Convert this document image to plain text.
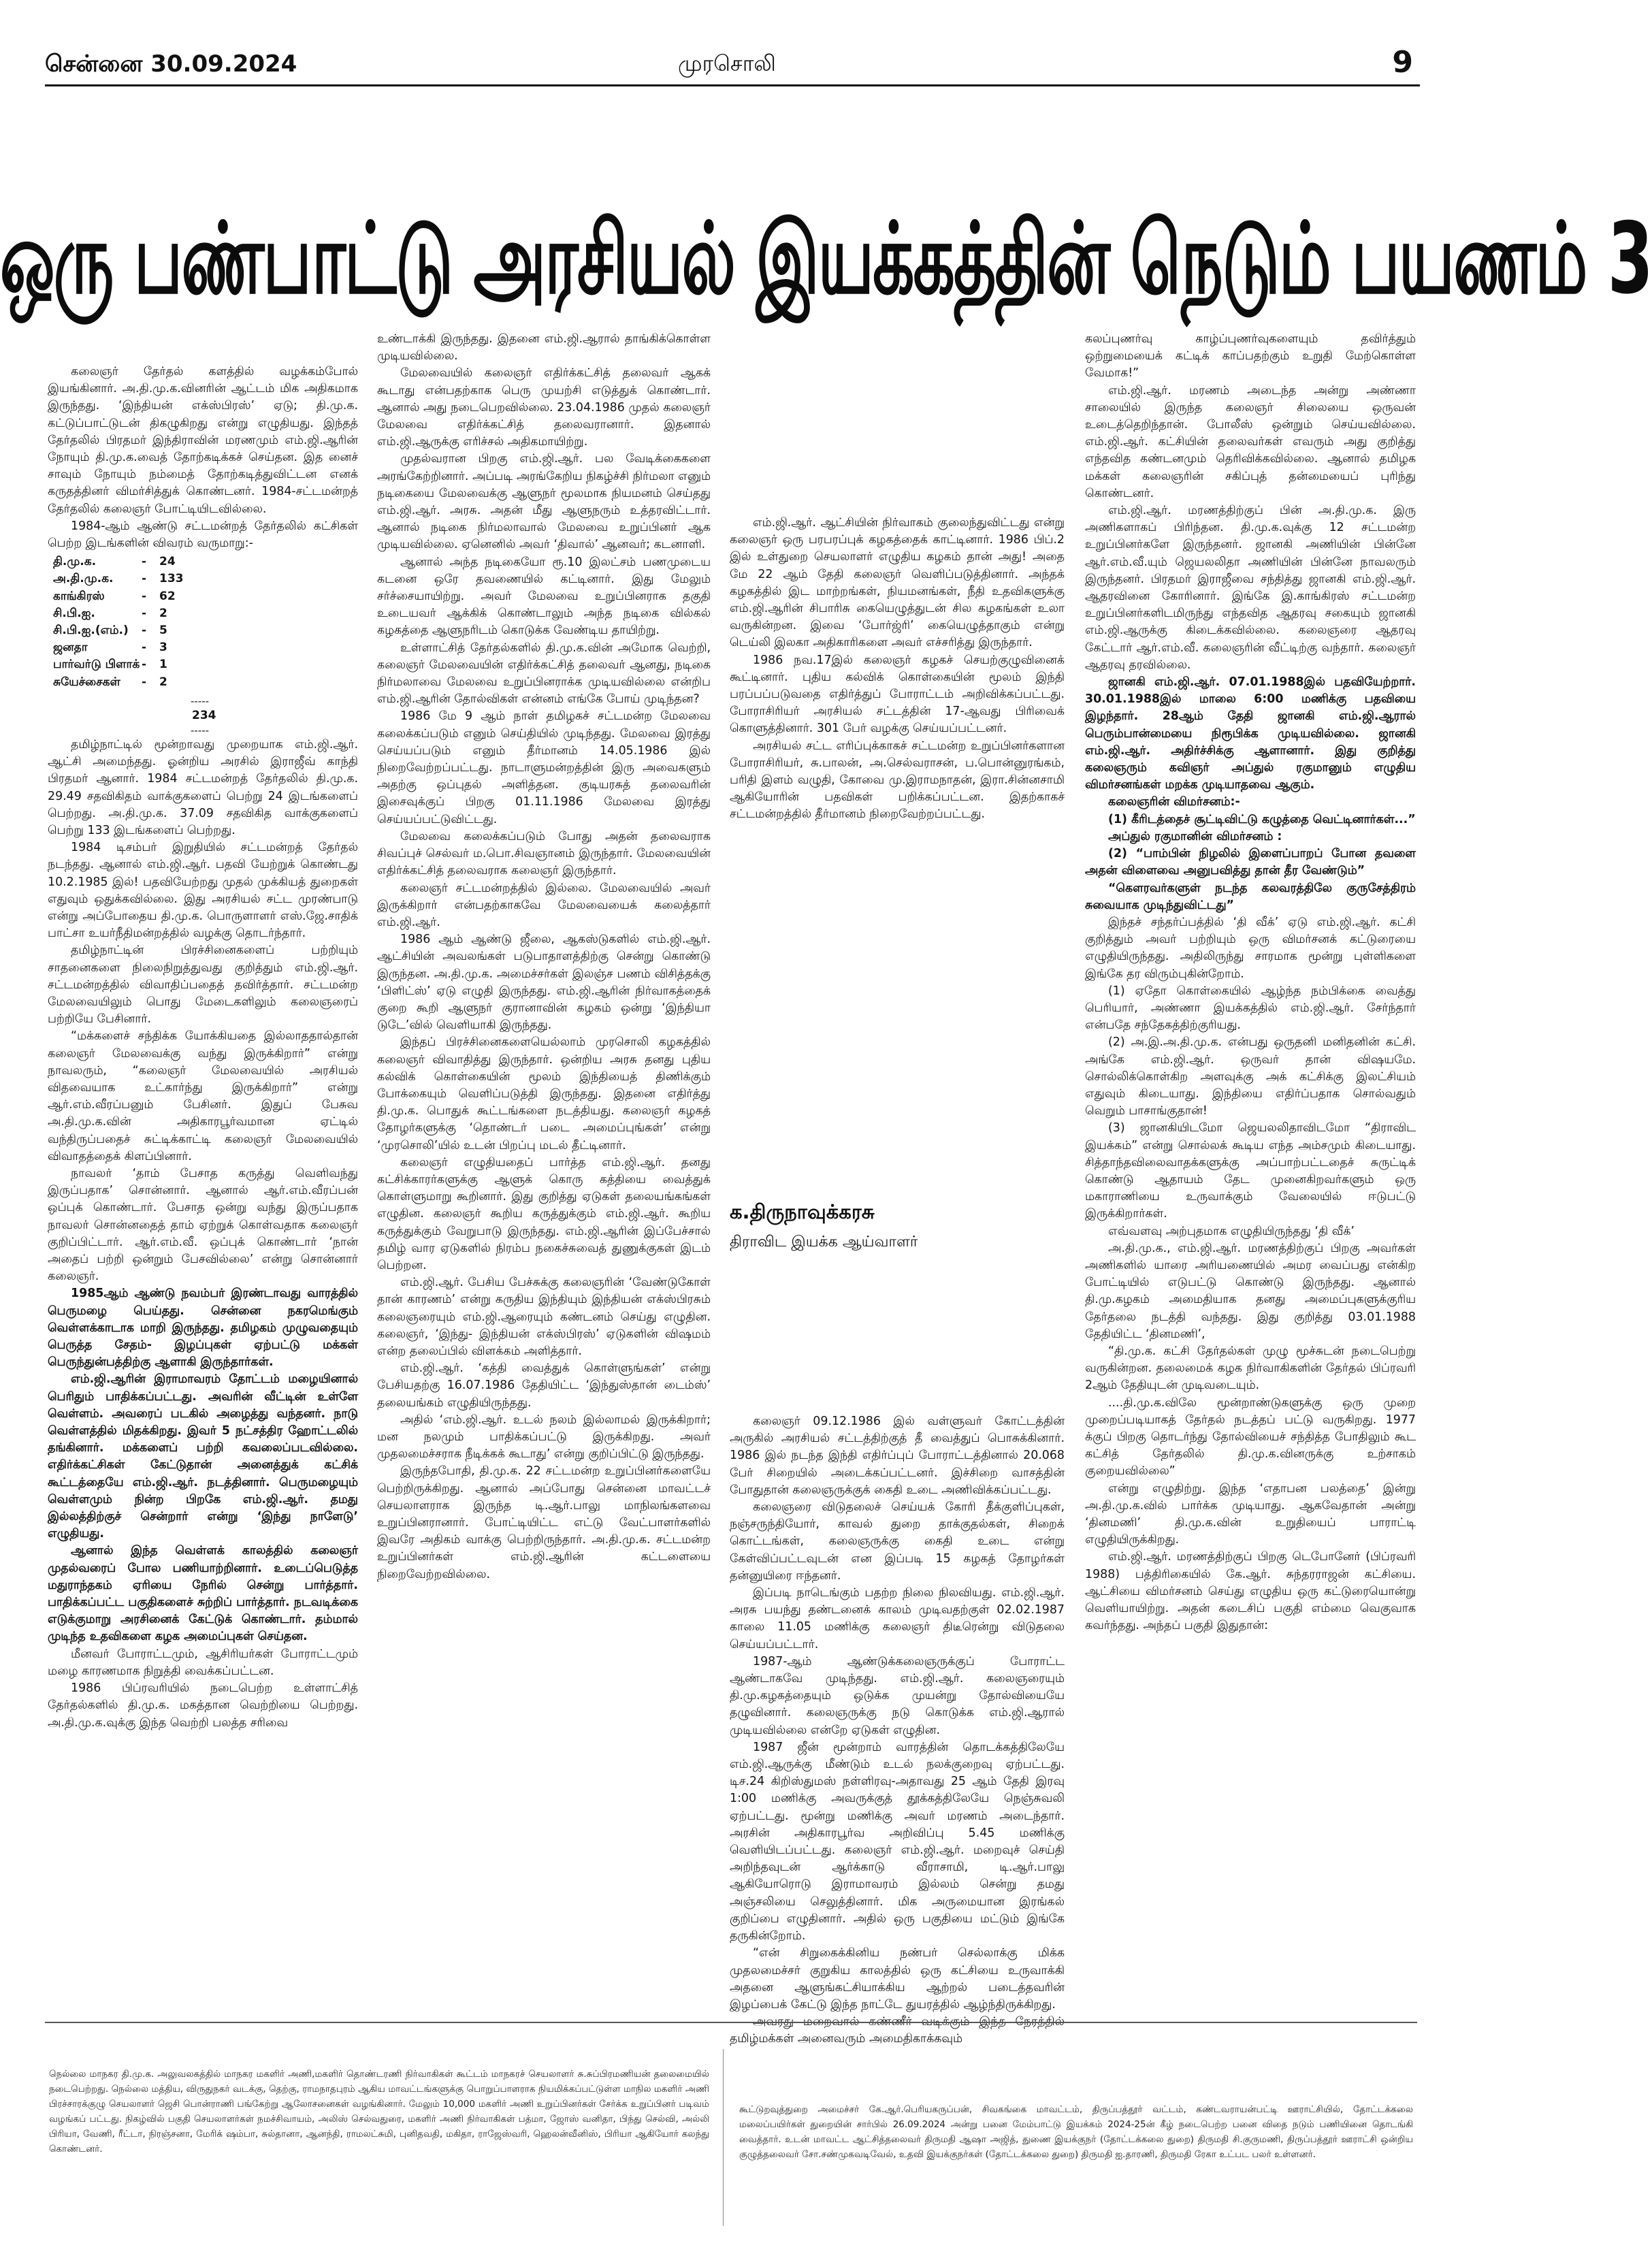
சென்னை 30.09.2024	முரசொலி	9
ஒரு பண்பாட்டு அரசியல் இயக்கத்தின் நெடும் பயணம் 3

கலைஞர் தேர்தல் களத்தில் வழக்கம்போல் இயங்கினார். அ.தி.மு.க.வினரின் ஆட்டம் மிக அதிகமாக இருந்தது. ‘இந்தியன் எக்ஸ்பிரஸ்’ ஏடு; தி.மு.க. கட்டுப்பாட்டுடன் திகழுகிறது என்று எழுதியது. இந்தத் தேர்தலில் பிரதமர் இந்திராவின் மரணமும் எம்.ஜி.ஆரின் நோயும் தி.மு.க.வைத் தோற்கடிக்கச் செய்தன. இத னைச் சாவும் நோயும் நம்மைத் தோற்கடித்துவிட்டன எனக் கருதத்தினர் விமர்சித்துக் கொண்டனர். 1984-சட்டமன்றத் தேர்தலில் கலைஞர் போட்டியிடவில்லை.

1984-ஆம் ஆண்டு சட்டமன்றத் தேர்தலில் கட்சிகள் பெற்ற இடங்களின் விவரம் வருமாறு:-

தி.மு.க.	-	24
அ.தி.மு.க.	-	133
காங்கிரஸ்	-	62
சி.பி.ஐ.	-	2
சி.பி.ஐ.(எம்.)	-	5
ஜனதா	-	3
பார்வர்டு பிளாக் -	1
சுயேச்சைகள்	-	2
-----
234
-----

தமிழ்நாட்டில் மூன்றாவது முறையாக எம்.ஜி.ஆர். ஆட்சி அமைந்தது. ஓன்றிய அரசில் இராஜீவ் காந்தி பிரதமர் ஆனார். 1984 சட்டமன்றத் தேர்தலில் தி.மு.க. 29.49 சதவிகிதம் வாக்குகளைப் பெற்று 24 இடங்களைப் பெற்றது. அ.தி.மு.க. 37.09 சதவிகித வாக்குகளைப் பெற்று 133 இடங்களைப் பெற்றது.

1984 டிசம்பர் இறுதியில் சட்டமன்றத் தேர்தல் நடந்தது. ஆனால் எம்.ஜி.ஆர். பதவி யேற்றுக் கொண்டது 10.2.1985 இல்! பதவியேற்றது முதல் முக்கியத் துறைகள் எதுவும் ஒதுக்கவில்லை. இது அரசியல் சட்ட முரண்பாடு என்று அப்போதைய தி.மு.க. பொருளாளர் எஸ்.ஜே.சாதிக் பாட்சா உயர்நீதிமன்றத்தில் வழக்கு தொடர்ந்தார்.

தமிழ்நாட்டின் பிரச்சினைகளைப் பற்றியும் சாதனைகளை நிலைநிறுத்துவது குறித்தும் எம்.ஜி.ஆர். சட்டமன்றத்தில் விவாதிப்பதைத் தவிர்த்தார். சட்டமன்ற மேலவையிலும் பொது மேடைகளிலும் கலைஞரைப் பற்றியே பேசினார்.

“மக்களைச் சந்திக்க யோக்கியதை இல்லாததால்தான் கலைஞர் மேலவைக்கு வந்து இருக்கிறார்” என்று நாவலரும், “கலைஞர் மேலவையில் அரசியல் விதவையாக உட்கார்ந்து இருக்கிறார்” என்று ஆர்.எம்.வீரப்பனும் பேசினர். இதுப் பேசுவ அ.தி.மு.க.வின் அதிகாரபூர்வமான ஏட்டில் வந்திருப்பதைச் சுட்டிக்காட்டி கலைஞர் மேலவையில் விவாதத்தைக் கிளப்பினார்.

நாவலர் ‘தாம் பேசாத கருத்து வெளிவந்து இருப்பதாக’ சொன்னார். ஆனால் ஆர்.எம்.வீரப்பன் ஒப்புக் கொண்டார். பேசாத ஒன்று வந்து இருப்பதாக நாவலர் சொன்னதைத் தாம் ஏற்றுக் கொள்வதாக கலைஞர் குறிப்பிட்டார். ஆர்.எம்.வீ. ஒப்புக் கொண்டார் ‘நான் அதைப் பற்றி ஒன்றும் பேசவில்லை’ என்று சொன்னார் கலைஞர்.

1985ஆம் ஆண்டு நவம்பர் இரண்டாவது வாரத்தில் பெருமழை பெய்தது. சென்னை நகரமெங்கும் வெள்ளக்காடாக மாறி இருந்தது. தமிழகம் முழுவதையும் பெருத்த சேதம்- இழப்புகள் ஏற்பட்டு மக்கள் பெருந்துன்பத்திற்கு ஆளாகி இருந்தார்கள்.

எம்.ஜி.ஆரின் இராமாவரம் தோட்டம் மழையினால் பெரிதும் பாதிக்கப்பட்டது. அவரின் வீட்டின் உள்ளே வெள்ளம். அவரைப் படகில் அழைத்து வந்தனர். நாடு வெள்ளத்தில் மிதக்கிறது. இவர் 5 நட்சத்திர ஹோட்டலில் தங்கினார். மக்களைப் பற்றி கவலைப்படவில்லை. எதிர்க்கட்சிகள் கேட்டுதான் அனைத்துக் கட்சிக் கூட்டத்தையே எம்.ஜி.ஆர். நடத்தினார். பெருமழையும் வெள்ளமும் நின்ற பிறகே எம்.ஜி.ஆர். தமது இல்லத்திற்குச் சென்றார் என்று ‘இந்து நாளேடு’ எழுதியது.

ஆனால் இந்த வெள்ளக் காலத்தில் கலைஞர் முதல்வரைப் போல பணியாற்றினார். உடைப்பெடுத்த மதுராந்தகம் ஏரியை நேரில் சென்று பார்த்தார். பாதிக்கப்பட்ட பகுதிகளைச் சுற்றிப் பார்த்தார். நடவடிக்கை எடுக்குமாறு அரசினைக் கேட்டுக் கொண்டார். தம்மால் முடிந்த உதவிகளை கழக அமைப்புகள் செய்தன.

மீனவர் போராட்டமும், ஆசிரியர்கள் போராட்டமும் மழை காரணமாக நிறுத்தி வைக்கப்பட்டன.

1986 பிப்ரவரியில் நடைபெற்ற உள்ளாட்சித் தேர்தல்களில் தி.மு.க. மகத்தான வெற்றியை பெற்றது. அ.தி.மு.க.வுக்கு இந்த வெற்றி பலத்த சரிவை

உண்டாக்கி இருந்தது. இதனை எம்.ஜி.ஆரால் தாங்கிக்கொள்ள முடியவில்லை.

மேலவையில் கலைஞர் எதிர்க்கட்சித் தலைவர் ஆகக் கூடாது என்பதற்காக பெரு முயற்சி எடுத்துக் கொண்டார். ஆனால் அது நடைபெறவில்லை. 23.04.1986 முதல் கலைஞர் மேலவை எதிர்க்கட்சித் தலைவரானார். இதனால் எம்.ஜி.ஆருக்கு எரிச்சல் அதிகமாயிற்று.

முதல்வரான பிறகு எம்.ஜி.ஆர். பல வேடிக்கைகளை அரங்கேற்றினார். அப்படி அரங்கேறிய நிகழ்ச்சி நிர்மலா எனும் நடிகையை மேலவைக்கு ஆளுநர் மூலமாக நியமனம் செய்தது எம்.ஜி.ஆர். அரசு. அதன் மீது ஆளுநரும் உத்தரவிட்டார். ஆனால் நடிகை நிர்மலாவால் மேலவை உறுப்பினர் ஆக முடியவில்லை. ஏனெனில் அவர் ‘திவால்’ ஆனவர்; கடனாளி.

ஆனால் அந்த நடிகையோ ரூ.10 இலட்சம் பணமுடைய கடனை ஒரே தவணையில் கட்டினார். இது மேலும் சர்ச்சையாயிற்று. அவர் மேலவை உறுப்பினராக தகுதி உடையவர் ஆக்கிக் கொண்டாலும் அந்த நடிகை வில்கல் கழகத்தை ஆளுநரிடம் கொடுக்க வேண்டிய தாயிற்று.

உள்ளாட்சித் தேர்தல்களில் தி.மு.க.வின் அமோக வெற்றி, கலைஞர் மேலவையின் எதிர்க்கட்சித் தலைவர் ஆனது, நடிகை நிர்மலாவை மேலவை உறுப்பினராக்க முடியவில்லை என்றிப எம்.ஜி.ஆரின் தோல்விகள் என்னம் எங்கே போய் முடிந்தன?

1986 மே 9 ஆம் நாள் தமிழகச் சட்டமன்ற மேலவை கலைக்கப்படும் எனும் செய்தியில் முடிந்தது. மேலவை இரத்து செய்யப்படும் எனும் தீர்மானம் 14.05.1986 இல் நிறைவேற்றப்பட்டது. நாடாளுமன்றத்தின் இரு அவைகளும் அதற்கு ஒப்புதல் அளித்தன. குடியரசுத் தலைவரின் இசைவுக்குப் பிறகு 01.11.1986 மேலவை இரத்து செய்யப்பட்டுவிட்டது.

மேலவை கலைக்கப்படும் போது அதன் தலைவராக சிவப்புச் செல்வர் ம.பொ.சிவஞானம் இருந்தார். மேலவையின் எதிர்க்கட்சித் தலைவராக கலைஞர் இருந்தார்.

கலைஞர் சட்டமன்றத்தில் இல்லை. மேலவையில் அவர் இருக்கிறார் என்பதற்காகவே மேலவையைக் கலைத்தார் எம்.ஜி.ஆர்.

1986 ஆம் ஆண்டு ஜீலை, ஆகஸ்டுகளில் எம்.ஜி.ஆர். ஆட்சியின் அவலங்கள் படுபாதாளத்திற்கு சென்று கொண்டு இருந்தன. அ.தி.மு.க. அமைச்சர்கள் இலஞ்ச பணம் விசித்தக்கு ‘பிளிட்ஸ்’ ஏடு எழுதி இருந்தது. எம்.ஜி.ஆரின் நிர்வாகத்தைக் குறை கூறி ஆளுநர் குரானாவின் கழகம் ஒன்று ‘இந்தியா டுடே’வில் வெளியாகி இருந்தது.

இந்தப் பிரச்சினைகளையெல்லாம் முரசொலி கழகத்தில் கலைஞர் விவாதித்து இருந்தார். ஒன்றிய அரசு தனது புதிய கல்விக் கொள்கையின் மூலம் இந்தியைத் திணிக்கும் போக்கையும் வெளிப்படுத்தி இருந்தது. இதனை எதிர்த்து தி.மு.க. பொதுக் கூட்டங்களை நடத்தியது. கலைஞர் கழகத் தோழர்களுக்கு ‘தொண்டர் படை அமைப்புங்கள்’ என்று ‘முரசொலி’யில் உடன் பிறப்பு மடல் தீட்டினார்.

கலைஞர் எழுதியதைப் பார்த்த எம்.ஜி.ஆர். தனது கட்சிக்காரர்களுக்கு ஆளுக் கொரு கத்தியை வைத்துக் கொள்ளுமாறு கூறினார். இது குறித்து ஏடுகள் தலையங்கங்கள் எழுதின. கலைஞர் கூறிய கருத்துக்கும் எம்.ஜி.ஆர். கூறிய கருத்துக்கும் வேறுபாடு இருந்தது. எம்.ஜி.ஆரின் இப்பேச்சால் தமிழ் வார ஏடுகளில் நிரம்ப நகைச்சுவைத் துணுக்குகள் இடம் பெற்றன.

எம்.ஜி.ஆர். பேசிய பேச்சுக்கு கலைஞரின் ‘வேண்டுகோள் தான் காரணம்’ என்று கருதிய இந்தியும் இந்தியன் எக்ஸ்பிரசும் கலைஞரையும் எம்.ஜி.ஆரையும் கண்டனம் செய்து எழுதின. கலைஞர், ‘இந்து- இந்தியன் எக்ஸ்பிரஸ்’ ஏடுகளின் விஷமம் என்ற தலைப்பில் விளக்கம் அளித்தார்.

எம்.ஜி.ஆர். ‘கத்தி வைத்துக் கொள்ளுங்கள்’ என்று பேசியதற்கு 16.07.1986 தேதியிட்ட ‘இந்துஸ்தான் டைம்ஸ்’ தலையங்கம் எழுதியிருந்தது.

அதில் ‘எம்.ஜி.ஆர். உடல் நலம் இல்லாமல் இருக்கிறார்; மன நலமும் பாதிக்கப்பட்டு இருக்கிறது. அவர் முதலமைச்சராக நீடிக்கக் கூடாது’ என்று குறிப்பிட்டு இருந்தது.

இருந்தபோதி, தி.மு.க. 22 சட்டமன்ற உறுப்பினர்களையே பெற்றிருக்கிறது. ஆனால் அப்போது சென்னை மாவட்டச் செயலாளராக இருந்த டி.ஆர்.பாலு மாநிலங்களவை உறுப்பினரானார். போட்டியிட்ட எட்டு வேட்பாளர்களில் இவரே அதிகம் வாக்கு பெற்றிருந்தார். அ.தி.மு.க. சட்டமன்ற உறுப்பினர்கள் எம்.ஜி.ஆரின் கட்டளையை நிறைவேற்றவில்லை.

எம்.ஜி.ஆர். ஆட்சியின் நிர்வாகம் குலைந்துவிட்டது என்று கலைஞர் ஒரு பரபரப்புக் கழகத்தைக் காட்டினார். 1986 பிப்.2 இல் உள்துறை செயலாளர் எழுதிய கழகம் தான் அது! அதை மே 22 ஆம் தேதி கலைஞர் வெளிப்படுத்தினார். அந்தக் கழகத்தில் இட மாற்றங்கள், நியமனங்கள், நீதி உதவிகளுக்கு எம்.ஜி.ஆரின் சிபாரிசு கையெழுத்துடன் சில கழகங்கள் உலா வருகின்றன. இவை ‘போர்ஜ்ரி’ கையெழுத்தாகும் என்று டெய்லி இலகா அதிகாரிகளை அவர் எச்சரித்து இருந்தார்.

1986 நவ.17இல் கலைஞர் கழகச் செயற்குழுவினைக் கூட்டினார். புதிய கல்விக் கொள்கையின் மூலம் இந்தி பரப்பப்படுவதை எதிர்த்துப் போராட்டம் அறிவிக்கப்பட்டது. போராசிரியர் அரசியல் சட்டத்தின் 17-ஆவது பிரிவைக் கொளுத்தினார். 301 பேர் வழக்கு செய்யப்பட்டனர்.

அரசியல் சட்ட எரிப்புக்காகச் சட்டமன்ற உறுப்பினர்களான போராசிரியர், சு.பாலன், அ.செல்வராசன், ப.பொன்னுரங்கம், பரிதி இளம் வழுதி, கோவை மு.இராமநாதன், இரா.சின்னசாமி ஆகியோரின் பதவிகள் பறிக்கப்பட்டன. இதற்காகச் சட்டமன்றத்தில் தீர்மானம் நிறைவேற்றப்பட்டது.

க.திருநாவுக்கரசு
திராவிட இயக்க ஆய்வாளர்

கலைஞர் 09.12.1986 இல் வள்ளுவர் கோட்டத்தின் அருகில் அரசியல் சட்டத்திற்குத் தீ வைத்துப் பொசுக்கினார். 1986 இல் நடந்த இந்தி எதிர்ப்புப் போராட்டத்தினால் 20.068 பேர் சிறையில் அடைக்கப்பட்டனர். இச்சிறை வாசத்தின் போதுதான் கலைஞருக்குக் கைதி உடை அணிவிக்கப்பட்டது.

கலைஞரை விடுதலைச் செய்யக் கோரி தீக்குளிப்புகள், நஞ்சருந்தியோர், காவல் துறை தாக்குதல்கள், சிறைக் கொட்டங்கள், கலைஞருக்கு கைதி உடை என்று கேள்விப்பட்டவுடன் என இப்படி 15 கழகத் தோழர்கள் தன்னுயிரை ஈந்தனர்.

இப்படி நாடெங்கும் பதற்ற நிலை நிலவியது. எம்.ஜி.ஆர். அரசு பயந்து தண்டனைக் காலம் முடிவதற்குள் 02.02.1987 காலை 11.05 மணிக்கு கலைஞர் திடீரென்று விடுதலை செய்யப்பட்டார்.

1987-ஆம் ஆண்டுக்கலைஞருக்குப் போராட்ட ஆண்டாகவே முடிந்தது. எம்.ஜி.ஆர். கலைஞரையும் தி.மு.கழகத்தையும் ஒடுக்க முயன்று தோல்வியையே தழுவினார். கலைஞருக்கு நடு கொடுக்க எம்.ஜி.ஆரால் முடியவில்லை என்றே ஏடுகள் எழுதின.

1987 ஜீன் மூன்றாம் வாரத்தின் தொடக்கத்திலேயே எம்.ஜி.ஆருக்கு மீண்டும் உடல் நலக்குறைவு ஏற்பட்டது. டிச.24 கிறிஸ்துமஸ் நள்ளிரவு-அதாவது 25 ஆம் தேதி இரவு 1:00 மணிக்கு அவருக்குத் தூக்கத்திலேயே நெஞ்சுவலி ஏற்பட்டது. மூன்று மணிக்கு அவர் மரணம் அடைந்தார். அரசின் அதிகாரபூர்வ அறிவிப்பு 5.45 மணிக்கு வெளியிடப்பட்டது. கலைஞர் எம்.ஜி.ஆர். மறைவுச் செய்தி அறிந்தவுடன் ஆர்க்காடு வீராசாமி, டி.ஆர்.பாலு ஆகியோரொடு இராமாவரம் இல்லம் சென்று தமது அஞ்சலியை செலுத்தினார். மிக அருமையான இரங்கல் குறிப்பை எழுதினார். அதில் ஒரு பகுதியை மட்டும் இங்கே தருகின்றோம்.

“என் சிறுகைக்கினிய நண்பர் செல்லாக்கு மிக்க முதலமைச்சர் குறுகிய காலத்தில் ஒரு கட்சியை உருவாக்கி அதனை ஆளுங்கட்சியாக்கிய ஆற்றல் படைத்தவரின் இழப்பைக் கேட்டு இந்த நாட்டே துயரத்தில் ஆழ்ந்திருக்கிறது.

அவரது மறைவால் கண்ணீர் வடிக்கும் இந்த நேரத்தில் தமிழ்மக்கள் அனைவரும் அமைதிகாக்கவும்

கலப்புணர்வு காழ்ப்புணர்வுகளையும் தவிர்த்தும் ஒற்றுமையைக் கட்டிக் காப்பதற்கும் உறுதி மேற்கொள்ள வேமாக!”

எம்.ஜி.ஆர். மரணம் அடைந்த அன்று அண்ணா சாலையில் இருந்த கலைஞர் சிலையை ஒருவன் உடைத்தெறிந்தான். போலீஸ் ஒன்றும் செய்யவில்லை. எம்.ஜி.ஆர். கட்சியின் தலைவர்கள் எவரும் அது குறித்து எந்தவித கண்டனமும் தெரிவிக்கவில்லை. ஆனால் தமிழக மக்கள் கலைஞரின் சகிப்புத் தன்மையைப் புரிந்து கொண்டனர்.

எம்.ஜி.ஆர். மரணத்திற்குப் பின் அ.தி.மு.க. இரு அணிகளாகப் பிரிந்தன. தி.மு.க.வுக்கு 12 சட்டமன்ற உறுப்பினர்களே இருந்தனர். ஜானகி அணியின் பின்னே ஆர்.எம்.வீ.யும் ஜெயலலிதா அணியின் பின்னே நாவலரும் இருந்தனர். பிரதமர் இராஜீவை சந்தித்து ஜானகி எம்.ஜி.ஆர். ஆதரவினை கோரினார். இங்கே இ.காங்கிரஸ் சட்டமன்ற உறுப்பினர்களிடமிருந்து எந்தவித ஆதரவு சகையும் ஜானகி எம்.ஜி.ஆருக்கு கிடைக்கவில்லை. கலைஞரை ஆதரவு கேட்டார் ஆர்.எம்.வீ. கலைஞரின் வீட்டிற்கு வந்தார். கலைஞர் ஆதரவு தரவில்லை.

ஜானகி எம்.ஜி.ஆர். 07.01.1988இல் பதவியேற்றார். 30.01.1988இல் மாலை 6:00 மணிக்கு பதவியை இழந்தார். 28ஆம் தேதி ஜானகி எம்.ஜி.ஆரால் பெரும்பான்மையை நிரூபிக்க முடியவில்லை. ஜானகி எம்.ஜி.ஆர். அதிர்ச்சிக்கு ஆளானார். இது குறித்து கலைஞரும் கவிஞர் அப்துல் ரகுமானும் எழுதிய விமர்சனங்கள் மறக்க முடியாதவை ஆகும்.

கலைஞரின் விமர்சனம்:-

(1) கீரிடத்தைச் சூட்டிவிட்டு கழுத்தை வெட்டினார்கள்...”

அப்துல் ரகுமானின் விமர்சனம் :

(2) “பாம்பின் நிழலில் இளைப்பாறப் போன தவளை அதன் விளைவை அனுபவித்து தான் தீர வேண்டும்”

“கௌரவர்களுள் நடந்த கலவரத்திலே குருசேத்திரம் சுவையாக முடிந்துவிட்டது”

இந்தச் சந்தர்ப்பத்தில் ‘தி வீக்’ ஏடு எம்.ஜி.ஆர். கட்சி குறித்தும் அவர் பற்றியும் ஒரு விமர்சனக் கட்டுரையை எழுதியிருந்தது. அதிலிருந்து சாரமாக மூன்று புள்ளிகளை இங்கே தர விரும்புகின்றோம்.

(1) ஏதோ கொள்கையில் ஆழ்ந்த நம்பிக்கை வைத்து பெரியார், அண்ணா இயக்கத்தில் எம்.ஜி.ஆர். சேர்ந்தார் என்பதே சந்தேகத்திற்குரியது.

(2) அ.இ.அ.தி.மு.க. என்பது ஒருதனி மனிதனின் கட்சி. அங்கே எம்.ஜி.ஆர். ஒருவர் தான் விஷயமே. சொல்லிக்கொள்கிற அளவுக்கு அக் கட்சிக்கு இலட்சியம் எதுவும் கிடையாது. இந்தியை எதிர்ப்பதாக சொல்வதும் வெறும் பாசாங்குதான்!

(3) ஜானகியிடமோ ஜெயலலிதாவிடமோ “திராவிட இயக்கம்” என்று சொல்லக் கூடிய எந்த அம்சமும் கிடையாது. சித்தாந்தவிலைவாதக்களுக்கு அப்பாற்பட்டதைச் சுருட்டிக் கொண்டு ஆதாயம் தேட முனைகிறவர்களும் ஒரு மகாராணியை உருவாக்கும் வேலையில் ஈடுபட்டு இருக்கிறார்கள்.

எவ்வளவு அற்புதமாக எழுதியிருந்தது ‘தி வீக்’

அ.தி.மு.க., எம்.ஜி.ஆர். மரணத்திற்குப் பிறகு அவர்கள் அணிகளில் யாரை அரியணையில் அமர வைப்பது என்கிற போட்டியில் எடுபட்டு கொண்டு இருந்தது. ஆனால் தி.மு.கழகம் அமைதியாக தனது அமைப்புகளுக்குரிய தேர்தலை நடத்தி வந்தது. இது குறித்து 03.01.1988 தேதியிட்ட ‘தினமணி’,

“தி.மு.க. கட்சி தேர்தல்கள் முழு மூச்சுடன் நடைபெற்று வருகின்றன. தலைமைக் கழக நிர்வாகிகளின் தேர்தல் பிப்ரவரி 2ஆம் தேதியுடன் முடிவடையும்.

....தி.மு.க.விலே மூன்றாண்டுகளுக்கு ஒரு முறை முறைப்படியாகத் தேர்தல் நடத்தப் பட்டு வருகிறது. 1977 க்குப் பிறகு தொடர்ந்து தோல்வியைச் சந்தித்த போதிலும் கூட கட்சித் தேர்தலில் தி.மு.க.வினருக்கு உற்சாகம் குறையவில்லை”

என்று எழுதிற்று. இந்த ‘எதாபன பலத்தை’ இன்று அ.தி.மு.க.வில் பார்க்க முடியாது. ஆகவேதான் அன்று ‘தினமணி’ தி.மு.க.வின் உறுதியைப் பாராட்டி எழுதியிருக்கிறது.

எம்.ஜி.ஆர். மரணத்திற்குப் பிறகு டெபோனேர் (பிப்ரவரி 1988) பத்திரிகையில் கே.ஆர். சுந்தரராஜன் கட்சியை. ஆட்சியை விமர்சனம் செய்து எழுதிய ஒரு கட்டுரையொன்று வெளியாயிற்று. அதன் கடைசிப் பகுதி எம்மை வெகுவாக கவர்ந்தது. அந்தப் பகுதி இதுதான்:

நெல்லை மாநகர தி.மு.க. அலுவலகத்தில் மாநகர மகளிர் அணி,மகளிர் தொண்டரணி நிர்வாகிகள் கூட்டம் மாநகரச் செயலாளர் சு.சுப்பிரமணியன் தலைமையில் நடைபெற்றது. நெல்லை மத்திய, விருதுநகர் வடக்கு, தெற்கு, ராமநாதபுரம் ஆகிய மாவட்டங்களுக்கு பொறுப்பாளராக நியமிக்கப்பட்டுள்ள மாநில மகளிர் அணி பிரச்சாரக்குழு செயலாளர் ஜெசி பொன்ராணி பங்கேற்று ஆலோசனைகள் வழங்கினார். மேலும் 10,000 மகளிர் அணி உறுப்பினர்கள் சேர்க்க உறுப்பினர் படிவம் வழங்கப் பட்டது. நிகழ்வில் பகுதி செயலாளர்கள் நமச்சிவாயம், அலிஸ் செல்வதுரை, மகளிர் அணி நிர்வாகிகள் பத்மா, ஜோஸ் வனிதா, பிந்து செல்வி, அல்லி பிரியா, வேணி, ரீட்டா, நிரஞ்சனா, மேரிக் ஷம்பா, சுல்தானா, ஆனந்தி, ராமலட்சுமி, புனிதவதி, மகிதா, ராஜேஸ்வரி, ஹெலன்வீனிஸ், பிரியா ஆகியோர் கலந்து கொண்டனர்.
கூட்டுறவுத்துறை அமைச்சர் கே.ஆர்.பெரியகருப்பன், சிவகங்கை மாவட்டம், திருப்பத்தூர் வட்டம், கண்டவராயன்பட்டி ஊராட்சியில், தோட்டக்கலை மலைப்பயிர்கள் துறையின் சார்பில் 26.09.2024 அன்று பனை மேம்பாட்டு இயக்கம் 2024-25ன் கீழ் நடைபெற்ற பனை விதை நடும் பணியினை தொடங்கி வைத்தார். உடன் மாவட்ட ஆட்சித்தலைவர் திருமதி ஆஷா அஜித், துணை இயக்குநர் (தோட்டக்கலை துறை) திருமதி சி.குருமணி, திருப்பத்தூர் ஊராட்சி ஒன்றிய குழுத்தலைவர் சோ.சண்முகவடிவேல், உதவி இயக்குநர்கள் (தோட்டக்கலை துறை) திருமதி ஐ.தாரணி, திருமதி ரேகா உட்பட பலர் உள்ளனர்.
